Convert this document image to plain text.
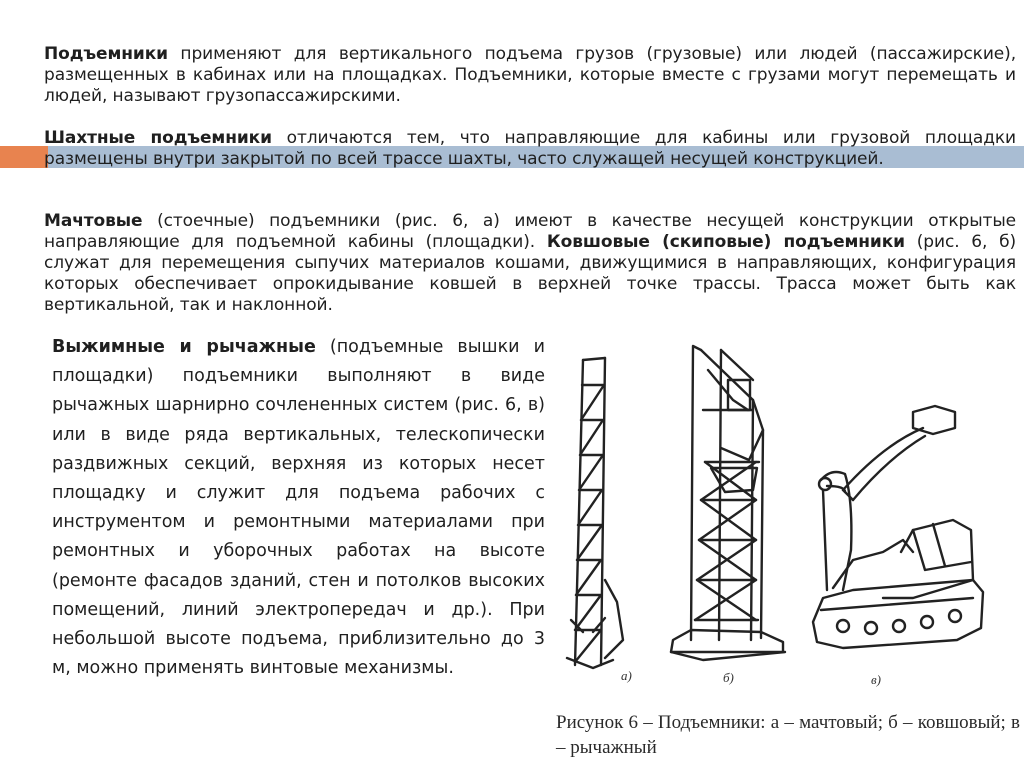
Подъемники применяют для вертикального подъема грузов (грузовые) или людей (пассажирские), размещенных в кабинах или на площадках. Подъемники, которые вместе с грузами могут перемещать и людей, называют грузопассажирскими.

Шахтные подъемники отличаются тем, что направляющие для кабины или грузовой площадки размещены внутри закрытой по всей трассе шахты, часто служащей несущей конструкцией.

Мачтовые (стоечные) подъемники (рис. 6, а) имеют в качестве несущей конструкции открытые направляющие для подъемной кабины (площадки). Ковшовые (скиповые) подъемники (рис. 6, б) служат для перемещения сыпучих материалов кошами, движущимися в направляющих, конфигурация которых обеспечивает опрокидывание ковшей в верхней точке трассы. Трасса может быть как вертикальной, так и наклонной.

Выжимные и рычажные (подъемные вышки и площадки) подъемники выполняют в виде рычажных шарнирно сочлененных систем (рис. 6, в) или в виде ряда вертикальных, телескопически раздвижных секций, верхняя из которых несет площадку и служит для подъема рабочих с инструментом и ремонтными материалами при ремонтных и уборочных работах на высоте (ремонте фасадов зданий, стен и потолков высоких помещений, линий электропередач и др.). При небольшой высоте подъема, приблизительно до 3 м, можно применять винтовые механизмы.	а)	б)	в)

Рисунок 6 – Подъемники: а – мачтовый; б – ковшовый; в – рычажный
